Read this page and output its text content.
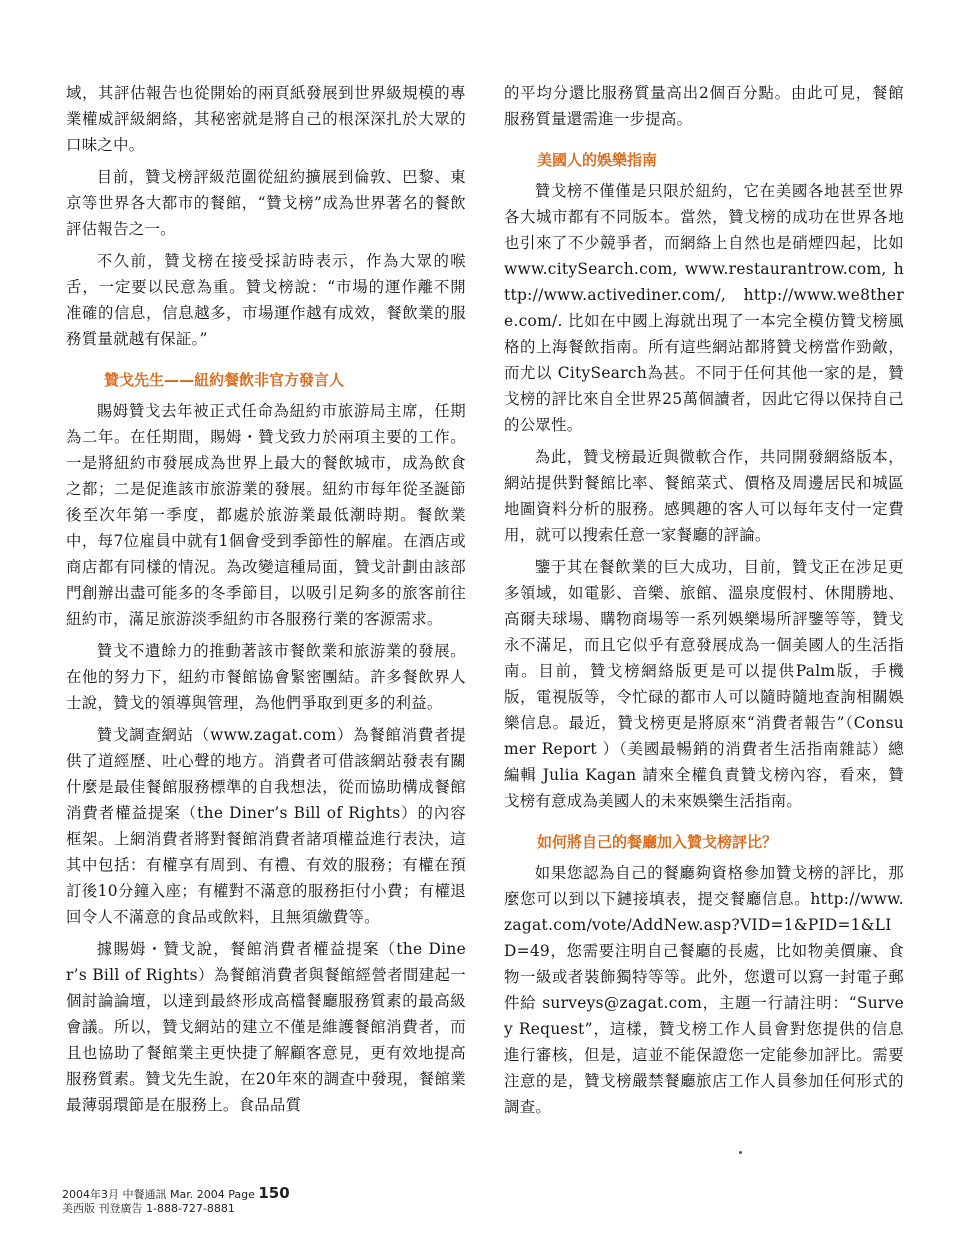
域，其評估報告也從開始的兩頁紙發展到世界級規模的專業權威評級網絡，其秘密就是將自己的根深深扎於大眾的口味之中。

目前，贊戈榜評級范圍從紐約擴展到倫敦、巴黎、東京等世界各大都市的餐館，“贊戈榜”成為世界著名的餐飲評估報告之一。

不久前，贊戈榜在接受採訪時表示，作為大眾的喉舌，一定要以民意為重。贊戈榜說：“市場的運作離不開准確的信息，信息越多，市場運作越有成效，餐飲業的服務質量就越有保証。”

贊戈先生——紐約餐飲非官方發言人

賜姆贊戈去年被正式任命為紐約市旅游局主席，任期為二年。在任期間，賜姆・贊戈致力於兩項主要的工作。一是將紐約市發展成為世界上最大的餐飲城市，成為飲食之都；二是促進該市旅游業的發展。紐約市每年從圣誕節後至次年第一季度，都處於旅游業最低潮時期。餐飲業中，每7位雇員中就有1個會受到季節性的解雇。在酒店或商店都有同樣的情況。為改變這種局面，贊戈計劃由該部門創辦出盡可能多的冬季節目，以吸引足夠多的旅客前往紐約市，滿足旅游淡季紐約市各服務行業的客源需求。

贊戈不遺餘力的推動著該市餐飲業和旅游業的發展。在他的努力下，紐約市餐館協會緊密團結。許多餐飲界人士說，贊戈的領導與管理，為他們爭取到更多的利益。

贊戈調查網站（www.zagat.com）為餐館消費者提供了道經歷、吐心聲的地方。消費者可借該網站發表有關什麼是最佳餐館服務標準的自我想法，從而協助構成餐館消費者權益提案（the Diner’s Bill of Rights）的內容框架。上網消費者將對餐館消費者諸項權益進行表決，這其中包括：有權享有周到、有禮、有效的服務；有權在預訂後10分鐘入座；有權對不滿意的服務拒付小費；有權退回令人不滿意的食品或飲料，且無須繳費等。

據賜姆・贊戈說，餐館消費者權益提案（the Diner’s Bill of Rights）為餐館消費者與餐館經營者間建起一個討論論壇，以達到最終形成高檔餐廳服務質素的最高級會議。所以，贊戈網站的建立不僅是維護餐館消費者，而且也協助了餐館業主更快捷了解顧客意見，更有效地提高服務質素。贊戈先生說，在20年來的調查中發現，餐館業最薄弱環節是在服務上。食品品質

的平均分還比服務質量高出2個百分點。由此可見，餐館服務質量還需進一步提高。

美國人的娛樂指南

贊戈榜不僅僅是只限於紐約，它在美國各地甚至世界各大城市都有不同版本。當然，贊戈榜的成功在世界各地也引來了不少競爭者，而網絡上自然也是硝煙四起，比如 www.citySearch.com, www.restaurantrow.com, http://www.activediner.com/, http://www.we8there.com/. 比如在中國上海就出現了一本完全模仿贊戈榜風格的上海餐飲指南。所有這些網站都將贊戈榜當作勁敵，而尤以 CitySearch為甚。不同于任何其他一家的是，贊戈榜的評比來自全世界25萬個讀者，因此它得以保持自己的公眾性。

為此，贊戈榜最近與微軟合作，共同開發網絡版本，網站提供對餐館比率、餐館菜式、價格及周邊居民和城區地圖資料分析的服務。感興趣的客人可以每年支付一定費用，就可以搜索任意一家餐廳的評論。

鑒于其在餐飲業的巨大成功，目前，贊戈正在涉足更多領域，如電影、音樂、旅館、溫泉度假村、休閒勝地、高爾夫球場、購物商場等一系列娛樂場所評鑒等等，贊戈永不滿足，而且它似乎有意發展成為一個美國人的生活指南。目前，贊戈榜網絡版更是可以提供Palm版，手機版，電視版等，令忙碌的都市人可以隨時隨地查詢相關娛樂信息。最近，贊戈榜更是將原來“消費者報告”（Consumer Report ）（美國最暢銷的消費者生活指南雜誌）總編輯 Julia Kagan 請來全權負責贊戈榜內容，看來，贊戈榜有意成為美國人的未來娛樂生活指南。

如何將自己的餐廳加入贊戈榜評比？

如果您認為自己的餐廳夠資格參加贊戈榜的評比，那麼您可以到以下鏈接填表，提交餐廳信息。http://www.zagat.com/vote/AddNew.asp?VID=1&PID=1&LID=49，您需要注明自己餐廳的長處，比如物美價廉、食物一級或者裝飾獨特等等。此外，您還可以寫一封電子郵件給 surveys@zagat.com，主題一行請注明：“Survey Request”，這樣，贊戈榜工作人員會對您提供的信息進行審核，但是，這並不能保證您一定能參加評比。需要注意的是，贊戈榜嚴禁餐廳旅店工作人員參加任何形式的調查。

2004年3月 中餐通訊 Mar. 2004 Page 150
美西版 刊登廣告 1-888-727-8881
